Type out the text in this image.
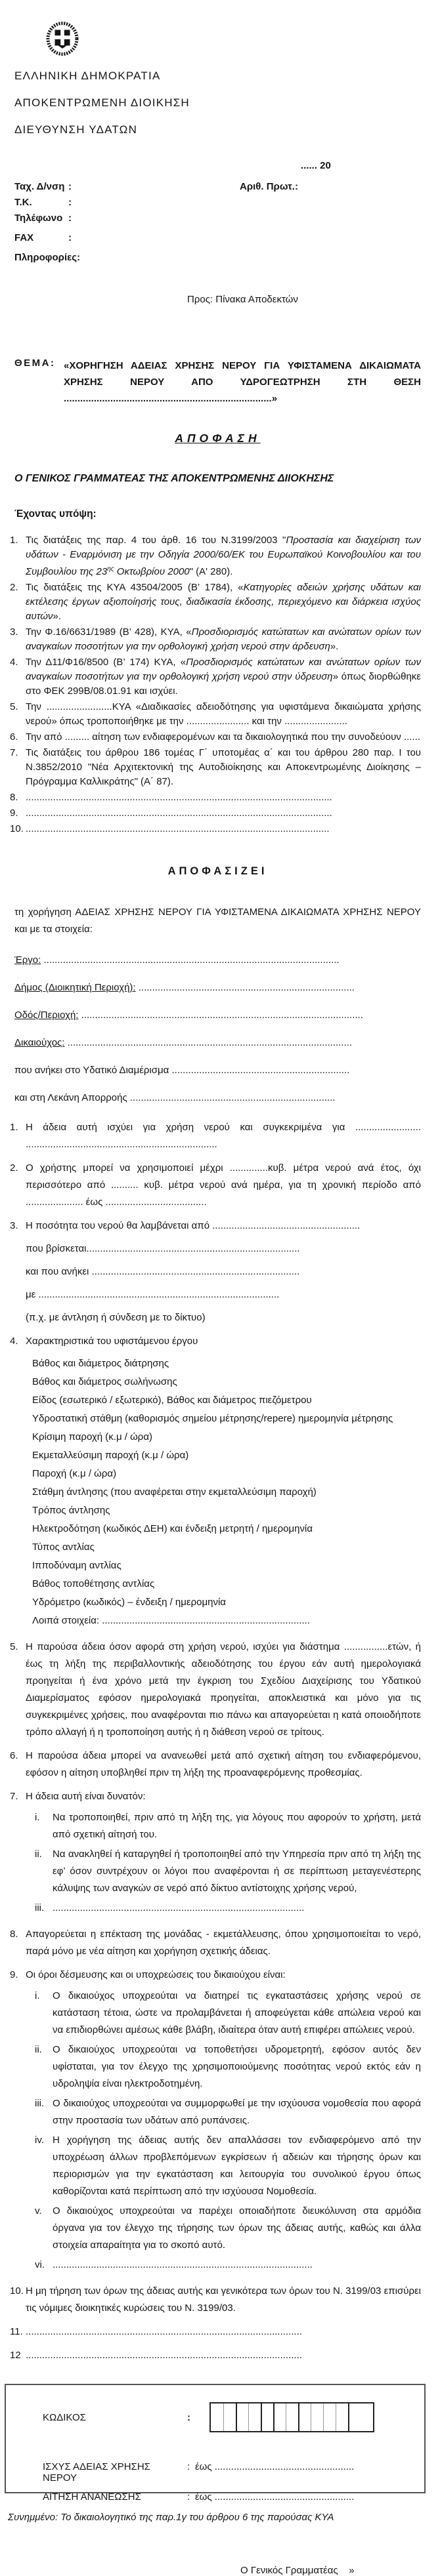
ΕΛΛΗΝΙΚΗ ΔΗΜΟΚΡΑΤΙΑ
ΑΠΟΚΕΝΤΡΩΜΕΝΗ ΔΙΟΙΚΗΣΗ
ΔΙΕΥΘΥΝΣΗ ΥΔΑΤΩΝ
...... 20
Αριθ. Πρωτ.:
Ταχ. Δ/νση :
Τ.Κ.	:
Τηλέφωνο :
FAX	:
Πληροφορίες:
Προς: Πίνακα Αποδεκτών
ΘΕΜΑ: «ΧΟΡΗΓΗΣΗ ΑΔΕΙΑΣ ΧΡΗΣΗΣ ΝΕΡΟΥ ΓΙΑ ΥΦΙΣΤΑΜΕΝΑ ΔΙΚΑΙΩΜΑΤΑ
ΧΡΗΣΗΣ ΝΕΡΟΥ ΑΠΟ ΥΔΡΟΓΕΩΤΡΗΣΗ ΣΤΗ ΘΕΣΗ
............................................................................»
ΑΠΟΦΑΣΗ
Ο ΓΕΝΙΚΟΣ ΓΡΑΜΜΑΤΕΑΣ ΤΗΣ ΑΠΟΚΕΝΤΡΩΜΕΝΗΣ ΔΙΙΟΚΗΣΗΣ
Έχοντας υπόψη:
1. Τις διατάξεις της παρ. 4 του άρθ. 16 του Ν.3199/2003 "Προστασία και διαχείριση των υδάτων - Εναρμόνιση με την Οδηγία 2000/60/ΕΚ του Ευρωπαϊκού Κοινοβουλίου και του Συμβουλίου της $23^{\eta\varsigma}$ Οκτωβρίου 2000" (Α' 280).
2. Τις διατάξεις της ΚΥΑ 43504/2005 (Β’ 1784), «Κατηγορίες αδειών χρήσης υδάτων και εκτέλεσης έργων αξιοποίησής τους, διαδικασία έκδοσης, περιεχόμενο και διάρκεια ισχύος αυτών».
3. Την Φ.16/6631/1989 (Β’ 428), ΚΥΑ, «Προσδιορισμός κατώτατων και ανώτατων ορίων των αναγκαίων ποσοτήτων για την ορθολογική χρήση νερού στην άρδευση».
4. Την Δ11/Φ16/8500 (Β’ 174) ΚΥΑ, «Προσδιορισμός κατώτατων και ανώτατων ορίων των αναγκαίων ποσοτήτων για την ορθολογική χρήση νερού στην ύδρευση» όπως διορθώθηκε στο ΦΕΚ 299Β/08.01.91 και ισχύει.
5. Την ........................ΚΥΑ «Διαδικασίες αδειοδότησης για υφιστάμενα δικαιώματα χρήσης νερού» όπως τροποποιήθηκε με την ....................... και την .......................
6. Την από ......... αίτηση των ενδιαφερομένων και τα δικαιολογητικά που την συνοδεύουν ......
7. Τις διατάξεις του άρθρου 186 τομέας Γ΄ υποτομέας α΄ και του άρθρου 280 παρ. Ι του Ν.3852/2010 "Νέα Αρχιτεκτονική της Αυτοδιοίκησης και Αποκεντρωμένης Διοίκησης – Πρόγραμμα Καλλικράτης" (Α΄ 87).
8. ................................................................................................................
9. ................................................................................................................
10. ...............................................................................................................
ΑΠΟΦΑΣΙΖΕΙ
τη χορήγηση ΑΔΕΙΑΣ ΧΡΗΣΗΣ ΝΕΡΟΥ ΓΙΑ ΥΦΙΣΤΑΜΕΝΑ ΔΙΚΑΙΩΜΑΤΑ ΧΡΗΣΗΣ ΝΕΡΟΥ και με τα στοιχεία:
Έργο: ............................................................................................................
Δήμος (Διοικητική Περιοχή): ...............................................................................
Οδός/Περιοχή: .......................................................................................................
Δικαιούχος: ........................................................................................................
που ανήκει στο Υδατικό Διαμέρισμα .................................................................
και στη Λεκάνη Απορροής ...........................................................................
1. Η άδεια αυτή ισχύει για χρήση νερού και συγκεκριμένα για ........................ ......................................................................
2. Ο χρήστης μπορεί να χρησιμοποιεί μέχρι ..............κυβ. μέτρα νερού ανά έτος, όχι περισσότερο από .......... κυβ. μέτρα νερού ανά ημέρα, για τη χρονική περίοδο από ..................... έως .....................................
3. Η ποσότητα του νερού θα λαμβάνεται από ......................................................
που βρίσκεται..............................................................................
και που ανήκει ............................................................................
με ........................................................................................
(π.χ. με άντληση ή σύνδεση με το δίκτυο)
4. Χαρακτηριστικά του υφιστάμενου έργου
Βάθος και διάμετρος διάτρησης
Βάθος και διάμετρος σωλήνωσης
Είδος (εσωτερικό / εξωτερικό), Βάθος και διάμετρος πιεζόμετρου
Υδροστατική στάθμη (καθορισμός σημείου μέτρησης/repere) ημερομηνία μέτρησης
Κρίσιμη παροχή (κ.μ / ώρα)
Εκμεταλλεύσιμη παροχή (κ.μ / ώρα)
Παροχή (κ.μ / ώρα)
Στάθμη άντλησης (που αναφέρεται στην εκμεταλλεύσιμη παροχή)
Τρόπος άντλησης
Ηλεκτροδότηση (κωδικός ΔΕΗ) και ένδειξη μετρητή / ημερομηνία
Τύπος αντλίας
Ιπποδύναμη αντλίας
Βάθος τοποθέτησης αντλίας
Υδρόμετρο (κωδικός) – ένδειξη / ημερομηνία
Λοιπά στοιχεία: ............................................................................
5. Η παρούσα άδεια όσον αφορά στη χρήση νερού, ισχύει για διάστημα ................ετών, ή έως τη λήξη της περιβαλλοντικής αδειοδότησης του έργου εάν αυτή ημερολογιακά προηγείται ή ένα χρόνο μετά την έγκριση του Σχεδίου Διαχείρισης του Υδατικού Διαμερίσματος εφόσον ημερολογιακά προηγείται, αποκλειστικά και μόνο για τις συγκεκριμένες χρήσεις, που αναφέρονται πιο πάνω και απαγορεύεται η κατά οποιοδήποτε τρόπο αλλαγή ή η τροποποίηση αυτής ή η διάθεση νερού σε τρίτους.
6. Η παρούσα άδεια μπορεί να ανανεωθεί μετά από σχετική αίτηση του ενδιαφερόμενου, εφόσον η αίτηση υποβληθεί πριν τη λήξη της προαναφερόμενης προθεσμίας.
7. Η άδεια αυτή είναι δυνατόν:
i.	Να τροποποιηθεί, πριν από τη λήξη της, για λόγους που αφορούν το χρήστη, μετά από σχετική αίτησή του.
ii.	Να ανακληθεί ή καταργηθεί ή τροποποιηθεί από την Υπηρεσία πριν από τη λήξη της εφ’ όσον συντρέχουν οι λόγοι που αναφέρονται ή σε περίπτωση μεταγενέστερης κάλυψης των αναγκών σε νερό από δίκτυο αντίστοιχης χρήσης νερού,
iii. ............................................................................................
8. Απαγορεύεται η επέκταση της μονάδας - εκμετάλλευσης, όπου χρησιμοποιείται το νερό, παρά μόνο με νέα αίτηση και χορήγηση σχετικής άδειας.
9. Οι όροι δέσμευσης και οι υποχρεώσεις του δικαιούχου είναι:
i.	Ο δικαιούχος υποχρεούται να διατηρεί τις εγκαταστάσεις χρήσης νερού σε κατάσταση τέτοια, ώστε να προλαμβάνεται ή αποφεύγεται κάθε απώλεια νερού και να επιδιορθώνει αμέσως κάθε βλάβη, ιδιαίτερα όταν αυτή επιφέρει απώλειες νερού.
ii.	Ο δικαιούχος υποχρεούται να τοποθετήσει υδρομετρητή, εφόσον αυτός δεν υφίσταται, για τον έλεγχο της χρησιμοποιούμενης ποσότητας νερού εκτός εάν η υδροληψία είναι ηλεκτροδοτημένη.
iii. Ο δικαιούχος υποχρεούται να συμμορφωθεί με την ισχύουσα νομοθεσία που αφορά στην προστασία των υδάτων από ρυπάνσεις.
iv. Η χορήγηση της άδειας αυτής δεν απαλλάσσει τον ενδιαφερόμενο από την υποχρέωση άλλων προβλεπόμενων εγκρίσεων ή αδειών και τήρησης όρων και περιορισμών για την εγκατάσταση και λειτουργία του συνολικού έργου όπως καθορίζονται κατά περίπτωση από την ισχύουσα Νομοθεσία.
v.	Ο δικαιούχος υποχρεούται να παρέχει οποιαδήποτε διευκόλυνση στα αρμόδια όργανα για τον έλεγχο της τήρησης των όρων της άδειας αυτής, καθώς και άλλα στοιχεία απαραίτητα για το σκοπό αυτό.
vi. ...............................................................................................
10. Η μη τήρηση των όρων της άδειας αυτής και γενικότερα των όρων του Ν. 3199/03 επισύρει τις νόμιμες διοικητικές κυρώσεις του Ν. 3199/03.
11. .....................................................................................................
12 .....................................................................................................
ΚΩΔΙΚΟΣ	:
ΙΣΧΥΣ ΑΔΕΙΑΣ ΧΡΗΣΗΣ ΝΕΡΟΥ
: έως ...................................................
ΑΙΤΗΣΗ ΑΝΑΝΕΩΣΗΣ	: έως ...................................................
Συνημμένο: Το δικαιολογητικό της παρ.1γ του άρθρου 6 της παρούσας ΚΥΑ
Ο Γενικός Γραμματέας    »
